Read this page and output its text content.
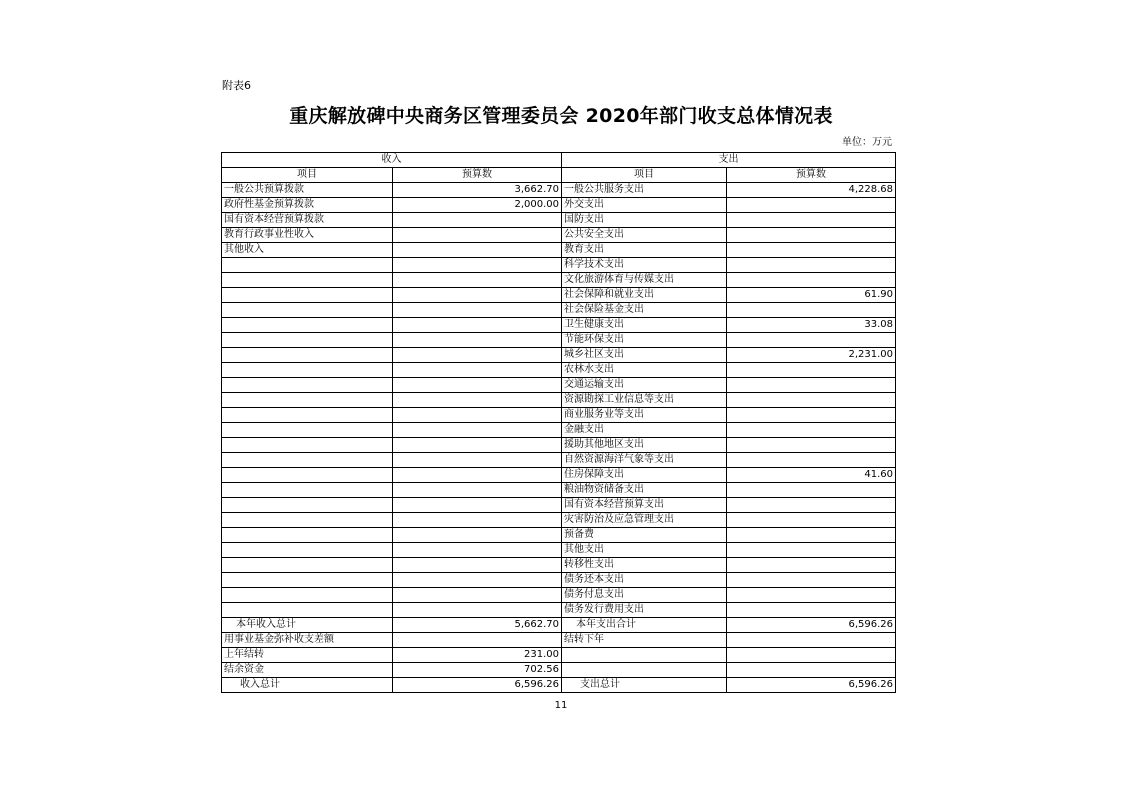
附表6
重庆解放碑中央商务区管理委员会 2020年部门收支总体情况表
单位：万元
收入		支出	
项目	预算数	项目	预算数
一般公共预算拨款	3,662.70	一般公共服务支出	4,228.68
政府性基金预算拨款	2,000.00	外交支出	
国有资本经营预算拨款		国防支出	
教育行政事业性收入		公共安全支出	
其他收入		教育支出	
		科学技术支出	
		文化旅游体育与传媒支出	
		社会保障和就业支出	61.90
		社会保险基金支出	
		卫生健康支出	33.08
		节能环保支出	
		城乡社区支出	2,231.00
		农林水支出	
		交通运输支出	
		资源勘探工业信息等支出	
		商业服务业等支出	
		金融支出	
		援助其他地区支出	
		自然资源海洋气象等支出	
		住房保障支出	41.60
		粮油物资储备支出	
		国有资本经营预算支出	
		灾害防治及应急管理支出	
		预备费	
		其他支出	
		转移性支出	
		债务还本支出	
		债务付息支出	
		债务发行费用支出	
本年收入总计	5,662.70	本年支出合计	6,596.26
用事业基金弥补收支差额		结转下年	
上年结转	231.00		
结余资金	702.56		
收入总计	6,596.26	支出总计	6,596.26
11
